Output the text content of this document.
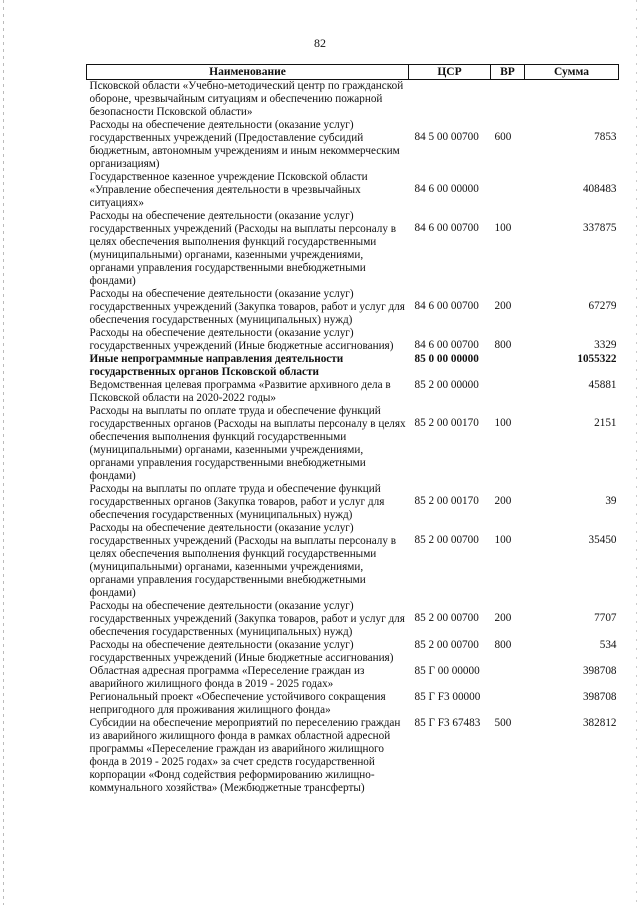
82
Наименование	ЦСР	ВР	Сумма
Псковской области «Учебно-методический центр по гражданской обороне, чрезвычайным ситуациям и обеспечению пожарной безопасности Псковской области»			
Расходы на обеспечение деятельности (оказание услуг) государственных учреждений (Предоставление субсидий бюджетным, автономным учреждениям и иным некоммерческим организациям)	84 5 00 00700	600	7853
Государственное казенное учреждение Псковской области «Управление обеспечения деятельности в чрезвычайных ситуациях»	84 6 00 00000		408483
Расходы на обеспечение деятельности (оказание услуг) государственных учреждений (Расходы на выплаты персоналу в целях обеспечения выполнения функций государственными (муниципальными) органами, казенными учреждениями, органами управления государственными внебюджетными фондами)	84 6 00 00700	100	337875
Расходы на обеспечение деятельности (оказание услуг) государственных учреждений (Закупка товаров, работ и услуг для обеспечения государственных (муниципальных) нужд)	84 6 00 00700	200	67279
Расходы на обеспечение деятельности (оказание услуг) государственных учреждений (Иные бюджетные ассигнования)	84 6 00 00700	800	3329
Иные непрограммные направления деятельности государственных органов Псковской области	85 0 00 00000		1055322
Ведомственная целевая программа «Развитие архивного дела в Псковской области на 2020-2022 годы»	85 2 00 00000		45881
Расходы на выплаты по оплате труда и обеспечение функций государственных органов (Расходы на выплаты персоналу в целях обеспечения выполнения функций государственными (муниципальными) органами, казенными учреждениями, органами управления государственными внебюджетными фондами)	85 2 00 00170	100	2151
Расходы на выплаты по оплате труда и обеспечение функций государственных органов (Закупка товаров, работ и услуг для обеспечения государственных (муниципальных) нужд)	85 2 00 00170	200	39
Расходы на обеспечение деятельности (оказание услуг) государственных учреждений (Расходы на выплаты персоналу в целях обеспечения выполнения функций государственными (муниципальными) органами, казенными учреждениями, органами управления государственными внебюджетными фондами)	85 2 00 00700	100	35450
Расходы на обеспечение деятельности (оказание услуг) государственных учреждений (Закупка товаров, работ и услуг для обеспечения государственных (муниципальных) нужд)	85 2 00 00700	200	7707
Расходы на обеспечение деятельности (оказание услуг) государственных учреждений (Иные бюджетные ассигнования)	85 2 00 00700	800	534
Областная адресная программа «Переселение граждан из аварийного жилищного фонда в 2019 - 2025 годах»	85 Г 00 00000		398708
Региональный проект «Обеспечение устойчивого сокращения непригодного для проживания жилищного фонда»	85 Г F3 00000		398708
Субсидии на обеспечение мероприятий по переселению граждан из аварийного жилищного фонда в рамках областной адресной программы «Переселение граждан из аварийного жилищного фонда в 2019 - 2025 годах» за счет средств государственной корпорации «Фонд содействия реформированию жилищно-коммунального хозяйства» (Межбюджетные трансферты)	85 Г F3 67483	500	382812
